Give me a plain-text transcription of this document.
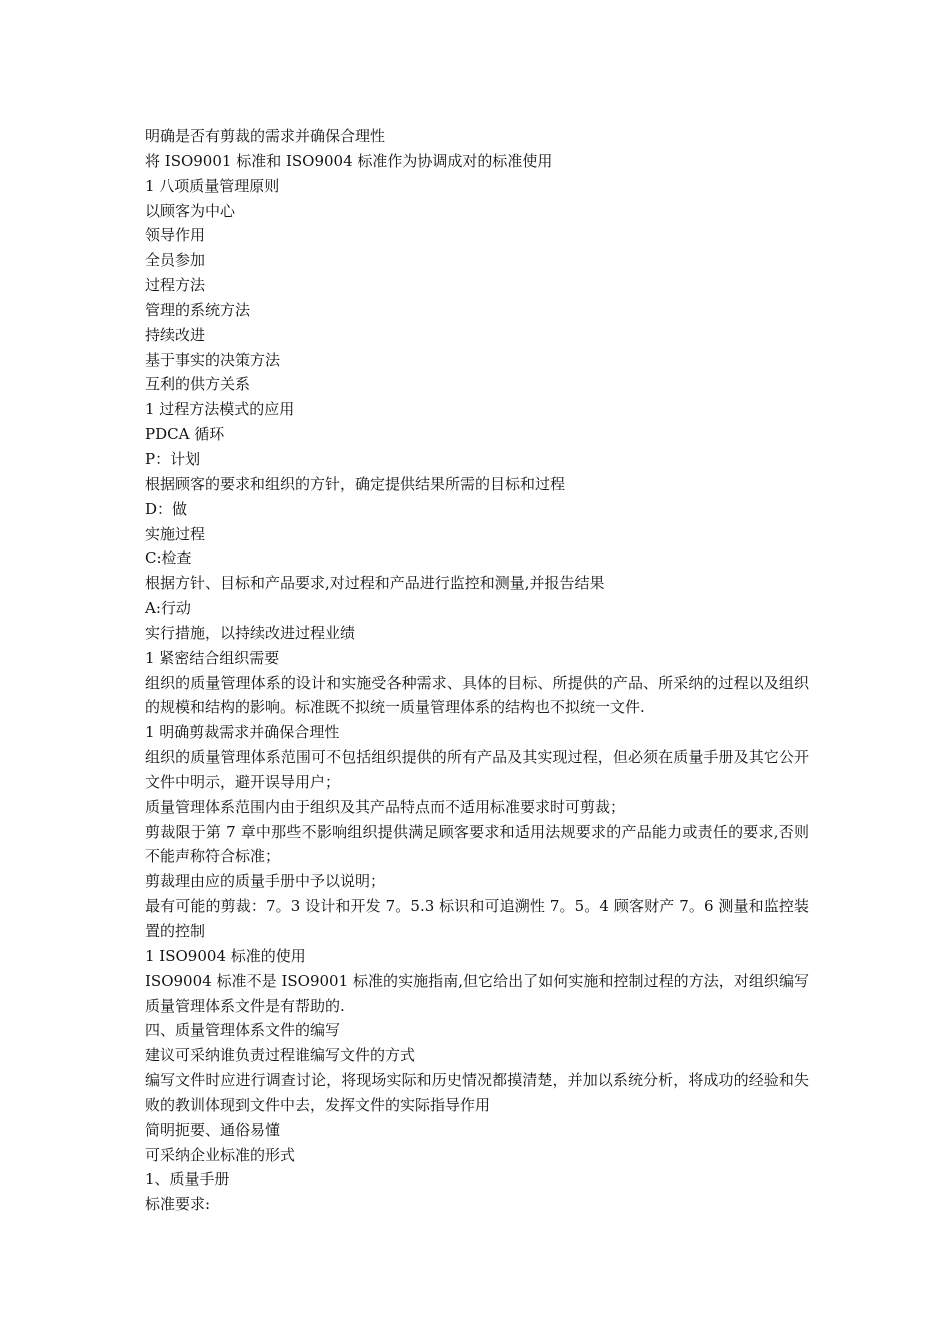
明确是否有剪裁的需求并确保合理性

将 ISO9001 标准和 ISO9004 标准作为协调成对的标准使用

1 八项质量管理原则

以顾客为中心

领导作用

全员参加

过程方法

管理的系统方法

持续改进

基于事实的决策方法

互利的供方关系

1 过程方法模式的应用

PDCA 循环

P：计划

根据顾客的要求和组织的方针，确定提供结果所需的目标和过程

D：做

实施过程

C:检查

根据方针、目标和产品要求,对过程和产品进行监控和测量,并报告结果

A:行动

实行措施，以持续改进过程业绩

1 紧密结合组织需要

组织的质量管理体系的设计和实施受各种需求、具体的目标、所提供的产品、所采纳的过程以及组织的规模和结构的影响。标准既不拟统一质量管理体系的结构也不拟统一文件.

1 明确剪裁需求并确保合理性

组织的质量管理体系范围可不包括组织提供的所有产品及其实现过程，但必须在质量手册及其它公开文件中明示，避开误导用户；

质量管理体系范围内由于组织及其产品特点而不适用标准要求时可剪裁；

剪裁限于第 7 章中那些不影响组织提供满足顾客要求和适用法规要求的产品能力或责任的要求,否则不能声称符合标准；

剪裁理由应的质量手册中予以说明；

最有可能的剪裁：7。3 设计和开发 7。5.3 标识和可追溯性 7。5。4 顾客财产 7。6 测量和监控装置的控制

1 ISO9004 标准的使用

ISO9004 标准不是 ISO9001 标准的实施指南,但它给出了如何实施和控制过程的方法，对组织编写质量管理体系文件是有帮助的.

四、质量管理体系文件的编写

建议可采纳谁负责过程谁编写文件的方式

编写文件时应进行调查讨论，将现场实际和历史情况都摸清楚，并加以系统分析，将成功的经验和失败的教训体现到文件中去，发挥文件的实际指导作用

简明扼要、通俗易懂

可采纳企业标准的形式

1、质量手册

标准要求:
